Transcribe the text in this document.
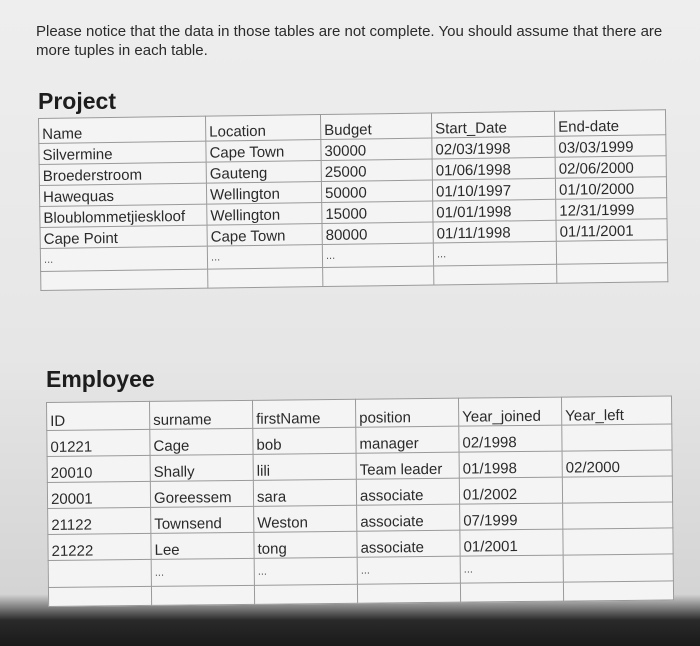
Please notice that the data in those tables are not complete. You should assume that there are more tuples in each table.
Project
Name	Location	Budget	Start_Date	End-date
Silvermine	Cape Town	30000	02/03/1998	03/03/1999
Broederstroom	Gauteng	25000	01/06/1998	02/06/2000
Hawequas	Wellington	50000	01/10/1997	01/10/2000
Bloublommetjieskloof	Wellington	15000	01/01/1998	12/31/1999
Cape Point	Cape Town	80000	01/11/1998	01/11/2001
...	...	...	...	

Employee
ID	surname	firstName	position	Year_joined	Year_left
01221	Cage	bob	manager	02/1998	
20010	Shally	lili	Team leader	01/1998	02/2000
20001	Goreessem	sara	associate	01/2002	
21122	Townsend	Weston	associate	07/1999	
21222	Lee	tong	associate	01/2001	
	...	...	...	...	
